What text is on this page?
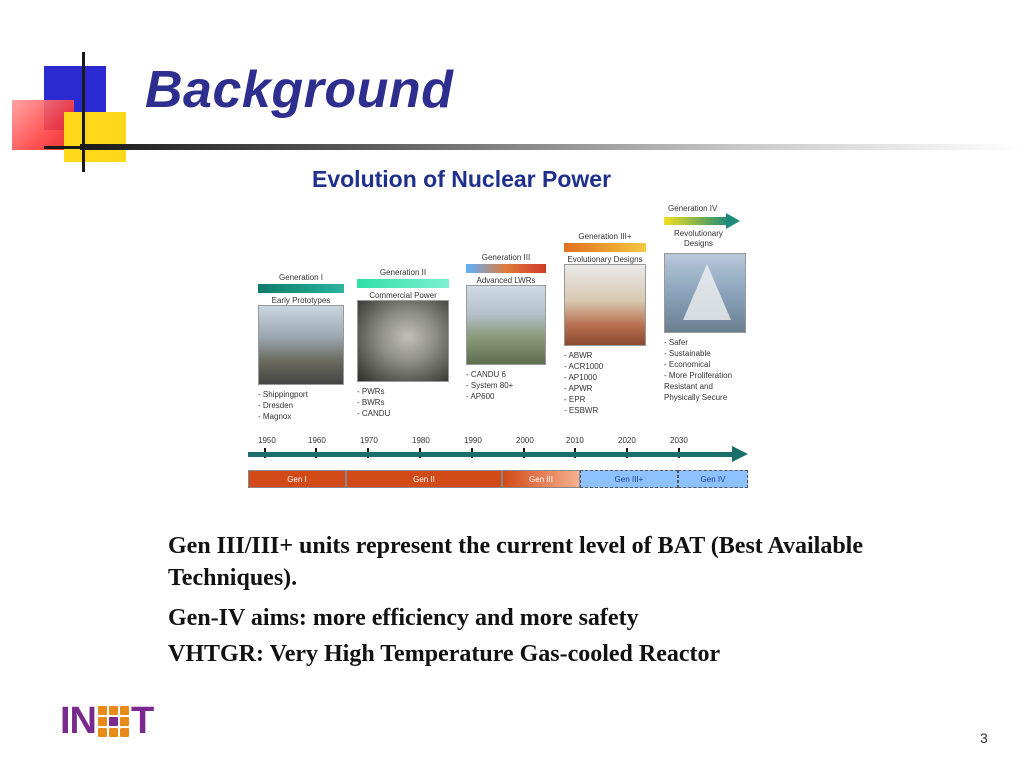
Background
Evolution of Nuclear Power
Generation I
Early Prototypes
- Shippingport
- Dresden
- Magnox
Generation II
Commercial Power
- PWRs
- BWRs
- CANDU
Generation III
Advanced LWRs
- CANDU 6
- System 80+
- AP600
Generation III+
Evolutionary Designs
- ABWR
- ACR1000
- AP1000
- APWR
- EPR
- ESBWR
Generation IV
Revolutionary
Designs
- Safer
- Sustainable
- Economical
- More Proliferation Resistant and Physically Secure
1950	1960	1970	1980	1990	2000	2010	2020	2030
Gen I	Gen II	Gen III	Gen III+	Gen IV

Gen III/III+ units represent the current level of BAT (Best Available Techniques).

Gen-IV aims: more efficiency and more safety

VHTGR: Very High Temperature Gas-cooled Reactor

IN T	3
